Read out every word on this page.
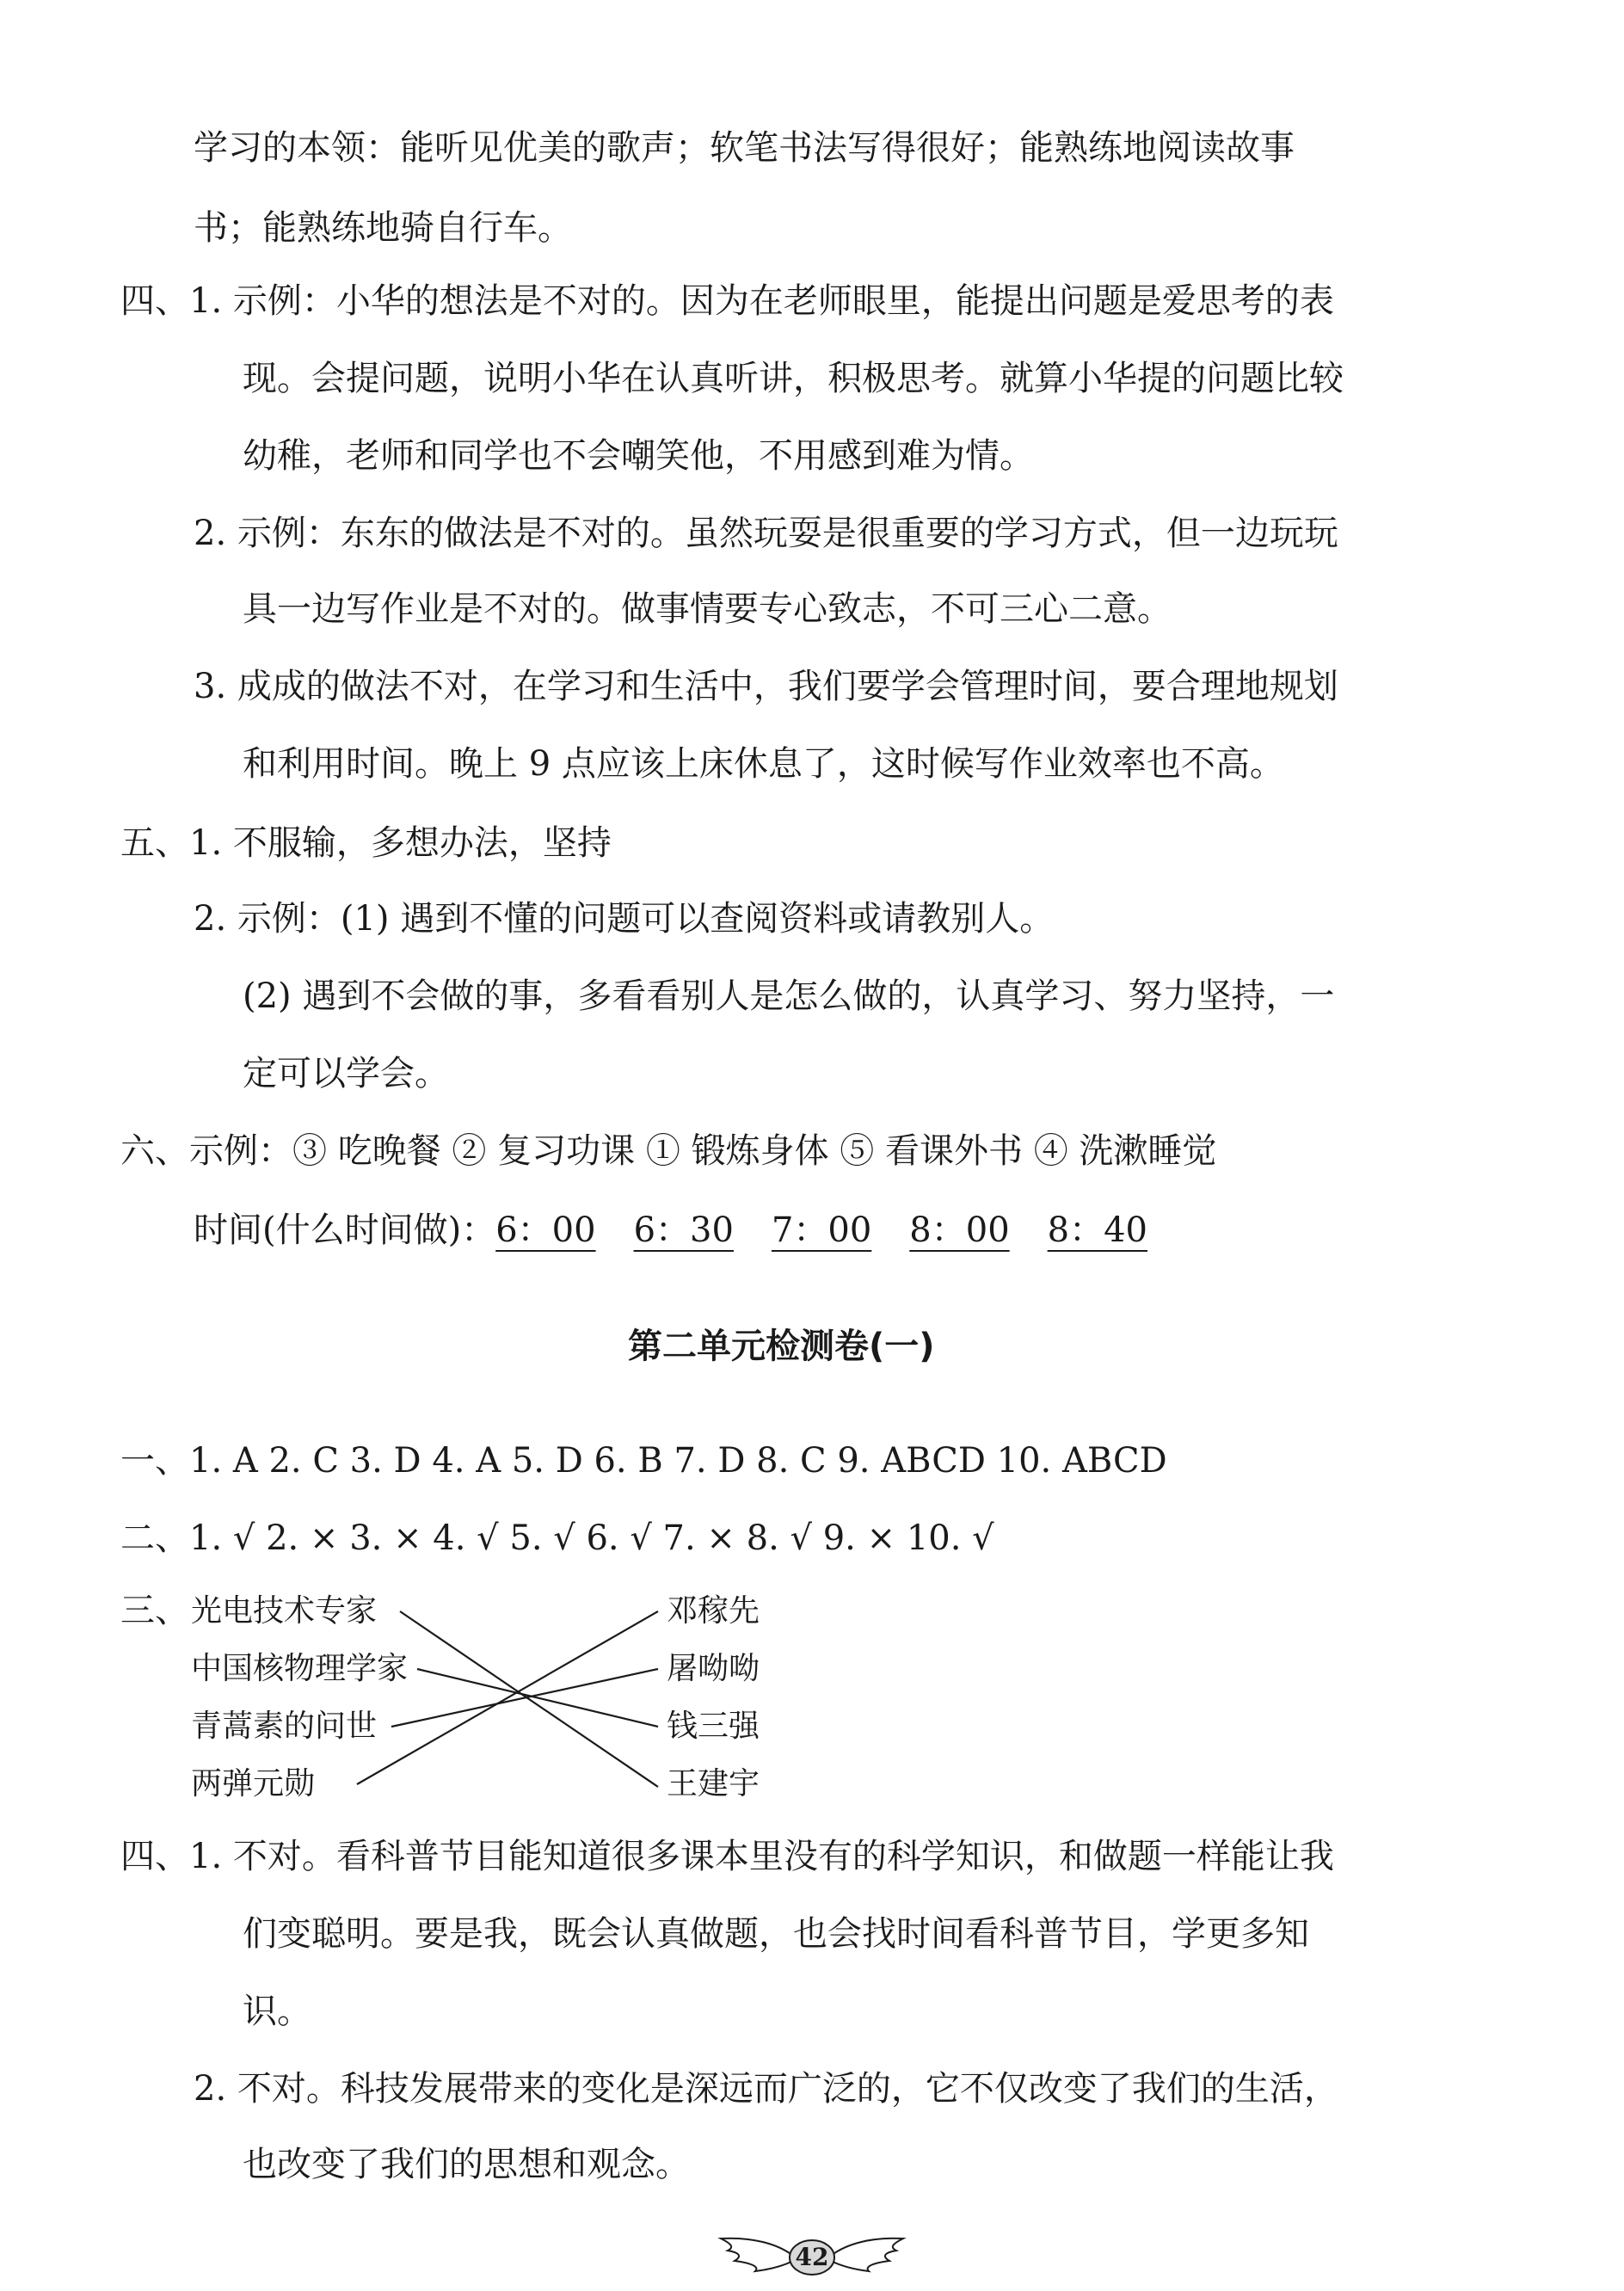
学习的本领：能听见优美的歌声；软笔书法写得很好；能熟练地阅读故事
书；能熟练地骑自行车。
四、1. 示例：小华的想法是不对的。因为在老师眼里，能提出问题是爱思考的表
现。会提问题，说明小华在认真听讲，积极思考。就算小华提的问题比较
幼稚，老师和同学也不会嘲笑他，不用感到难为情。
2. 示例：东东的做法是不对的。虽然玩耍是很重要的学习方式，但一边玩玩
具一边写作业是不对的。做事情要专心致志，不可三心二意。
3. 成成的做法不对，在学习和生活中，我们要学会管理时间，要合理地规划
和利用时间。晚上 9 点应该上床休息了，这时候写作业效率也不高。
五、1. 不服输，多想办法，坚持
2. 示例：(1) 遇到不懂的问题可以查阅资料或请教别人。
(2) 遇到不会做的事，多看看别人是怎么做的，认真学习、努力坚持，一
定可以学会。
六、示例：③ 吃晚餐 ② 复习功课 ① 锻炼身体 ⑤ 看课外书 ④ 洗漱睡觉
时间(什么时间做)：6：00 6：30 7：00 8：00 8：40
第二单元检测卷(一)
一、1. A 2. C 3. D 4. A 5. D 6. B 7. D 8. C 9. ABCD 10. ABCD
二、1. √ 2. × 3. × 4. √ 5. √ 6. √ 7. × 8. √ 9. × 10. √
三、 光电技术专家
中国核物理学家
青蒿素的问世
两弹元勋
邓稼先
屠呦呦
钱三强
王建宇
四、1. 不对。看科普节目能知道很多课本里没有的科学知识，和做题一样能让我
们变聪明。要是我，既会认真做题，也会找时间看科普节目，学更多知
识。
2. 不对。科技发展带来的变化是深远而广泛的，它不仅改变了我们的生活，
也改变了我们的思想和观念。
42
